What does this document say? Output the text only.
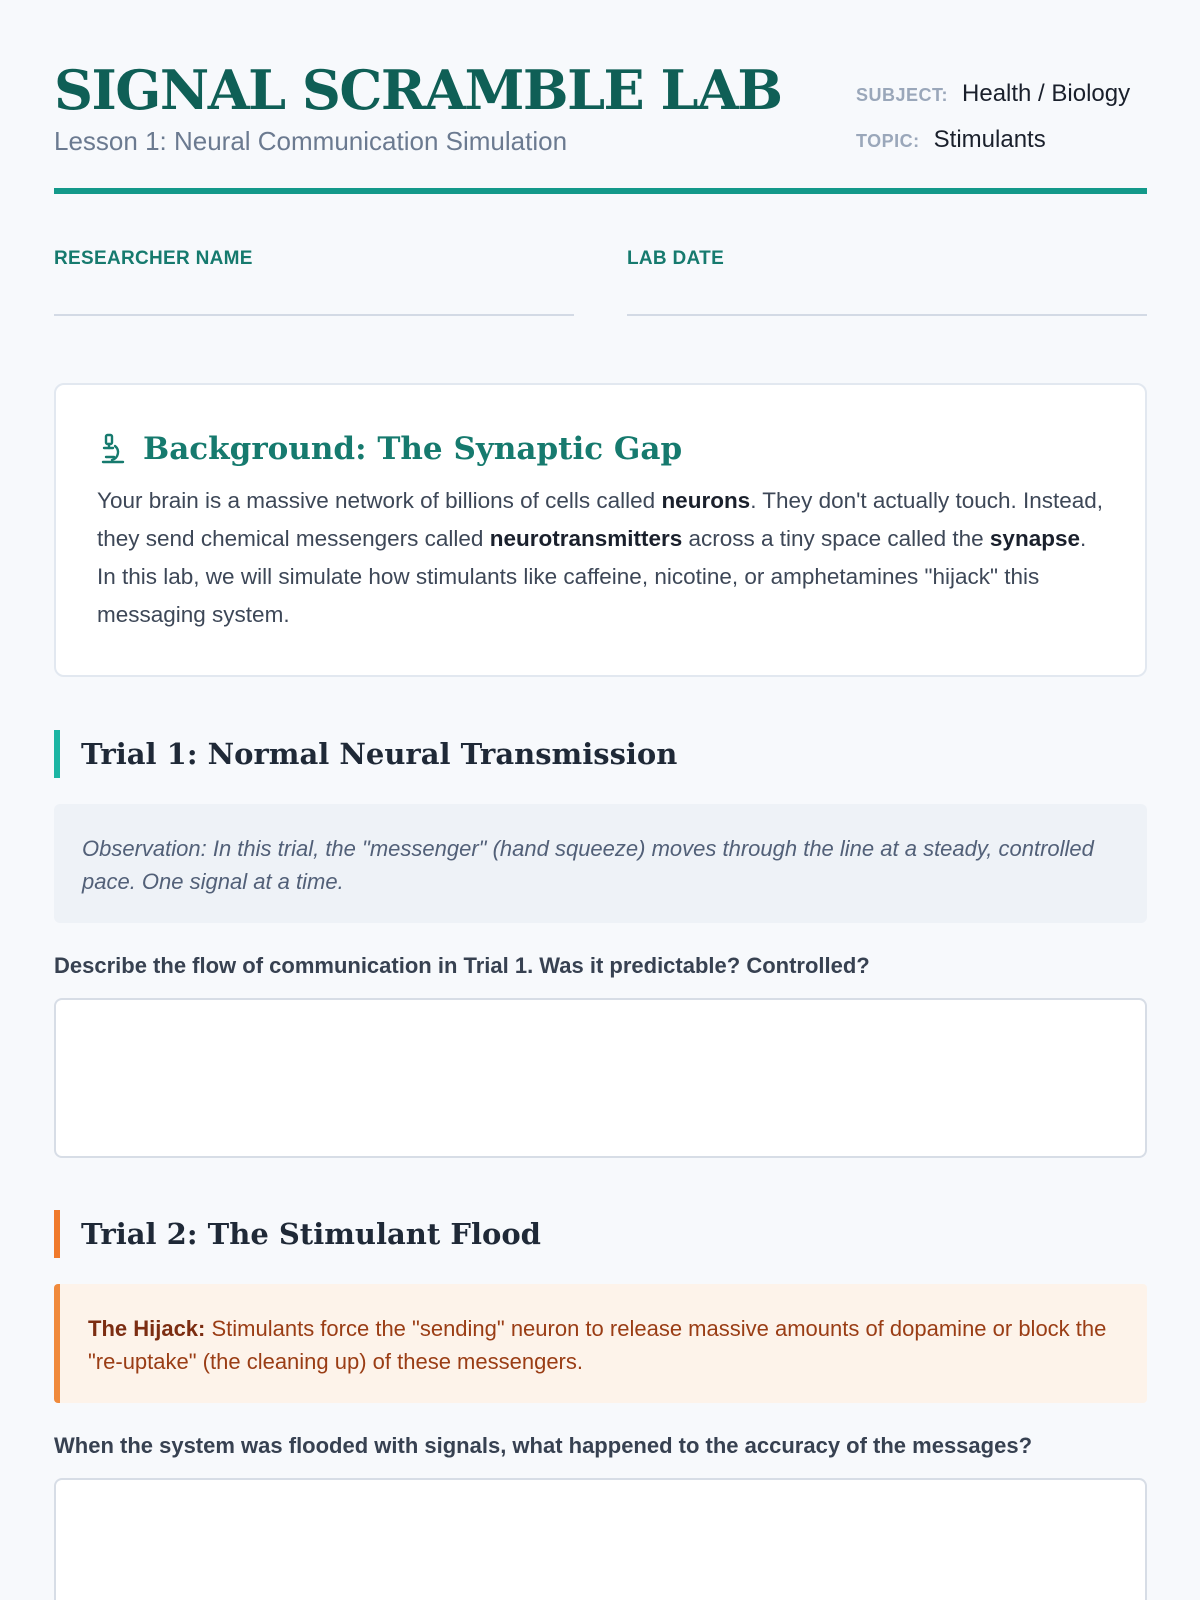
SIGNAL SCRAMBLE LAB
Lesson 1: Neural Communication Simulation
SUBJECT: Health / Biology
TOPIC: Stimulants
RESEARCHER NAME	LAB DATE
Background: The Synaptic Gap

Your brain is a massive network of billions of cells called neurons. They don't actually touch. Instead, they send chemical messengers called neurotransmitters across a tiny space called the synapse. In this lab, we will simulate how stimulants like caffeine, nicotine, or amphetamines "hijack" this messaging system.

Trial 1: Normal Neural Transmission
Observation: In this trial, the "messenger" (hand squeeze) moves through the line at a steady, controlled pace. One signal at a time.
Describe the flow of communication in Trial 1. Was it predictable? Controlled?
Trial 2: The Stimulant Flood
The Hijack: Stimulants force the "sending" neuron to release massive amounts of dopamine or block the "re-uptake" (the cleaning up) of these messengers.
When the system was flooded with signals, what happened to the accuracy of the messages?
